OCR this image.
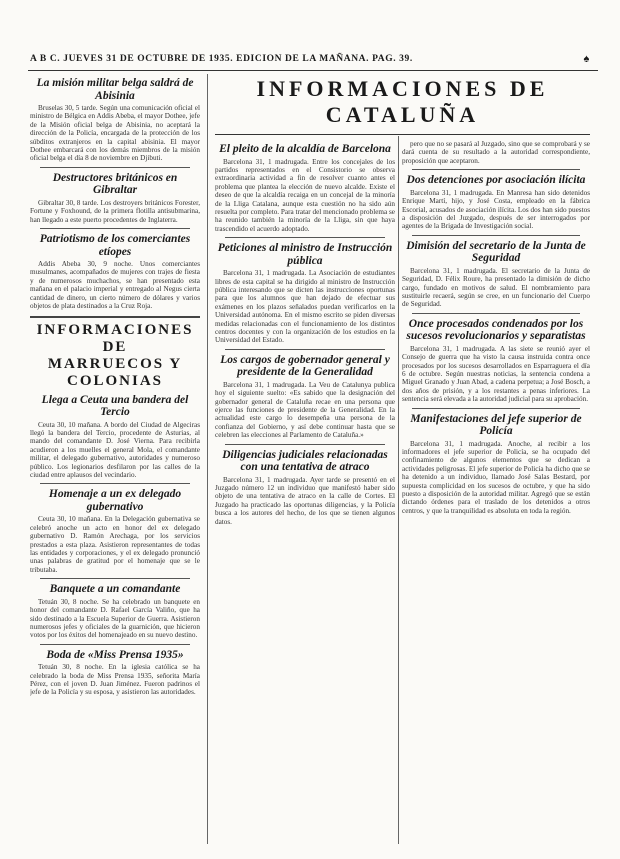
A B C. JUEVES 31 DE OCTUBRE DE 1935. EDICION DE LA MAÑANA. PAG. 39.	♠
INFORMACIONES DE
CATALUÑA
La misión militar belga saldrá de Abisinia

Bruselas 30, 5 tarde. Según una comunicación oficial el ministro de Bélgica en Addis Abeba, el mayor Dothee, jefe de la Misión oficial belga de Abisinia, no aceptará la dirección de la Policía, encargada de la protección de los súbditos extranjeros en la capital abisinia. El mayor Dothee embarcará con los demás miembros de la misión oficial belga el día 8 de noviembre en Djibuti.

Destructores británicos en Gibraltar

Gibraltar 30, 8 tarde. Los destroyers británicos Forester, Fortune y Foxhound, de la primera flotilla antisubmarina, han llegado a este puerto procedentes de Inglaterra.

Patriotismo de los comerciantes etíopes

Addis Abeba 30, 9 noche. Unos comerciantes musulmanes, acompañados de mujeres con trajes de fiesta y de numerosos muchachos, se han presentado esta mañana en el palacio imperial y entregado al Negus cierta cantidad de dinero, un cierto número de dólares y varios objetos de plata destinados a la Cruz Roja.

INFORMACIONES DE
MARRUECOS Y
COLONIAS
Llega a Ceuta una bandera del Tercio

Ceuta 30, 10 mañana. A bordo del Ciudad de Algeciras llegó la bandera del Tercio, procedente de Asturias, al mando del comandante D. José Vierna. Para recibirla acudieron a los muelles el general Mola, el comandante militar, el delegado gubernativo, autoridades y numeroso público. Los legionarios desfilaron por las calles de la ciudad entre aplausos del vecindario.

Homenaje a un ex delegado gubernativo

Ceuta 30, 10 mañana. En la Delegación gubernativa se celebró anoche un acto en honor del ex delegado gubernativo D. Ramón Arechaga, por los servicios prestados a esta plaza. Asistieron representantes de todas las entidades y corporaciones, y el ex delegado pronunció unas palabras de gratitud por el homenaje que se le tributaba.

Banquete a un comandante

Tetuán 30, 8 noche. Se ha celebrado un banquete en honor del comandante D. Rafael García Valiño, que ha sido destinado a la Escuela Superior de Guerra. Asistieron numerosos jefes y oficiales de la guarnición, que hicieron votos por los éxitos del homenajeado en su nuevo destino.

Boda de «Miss Prensa 1935»

Tetuán 30, 8 noche. En la iglesia católica se ha celebrado la boda de Miss Prensa 1935, señorita María Pérez, con el joven D. Juan Jiménez. Fueron padrinos el jefe de la Policía y su esposa, y asistieron las autoridades.

El pleito de la alcaldía de Barcelona

Barcelona 31, 1 madrugada. Entre los concejales de los partidos representados en el Consistorio se observa extraordinaria actividad a fin de resolver cuanto antes el problema que plantea la elección de nuevo alcalde. Existe el deseo de que la alcaldía recaiga en un concejal de la minoría de la Lliga Catalana, aunque esta cuestión no ha sido aún resuelta por completo. Para tratar del mencionado problema se ha reunido también la minoría de la Lliga, sin que haya trascendido el acuerdo adoptado.

Peticiones al ministro de Instrucción pública

Barcelona 31, 1 madrugada. La Asociación de estudiantes libres de esta capital se ha dirigido al ministro de Instrucción pública interesando que se dicten las instrucciones oportunas para que los alumnos que han dejado de efectuar sus exámenes en los plazos señalados puedan verificarlos en la Universidad autónoma. En el mismo escrito se piden diversas medidas relacionadas con el funcionamiento de los distintos centros docentes y con la organización de los estudios en la Universidad del Estado.

Los cargos de gobernador general y presidente de la Generalidad

Barcelona 31, 1 madrugada. La Veu de Catalunya publica hoy el siguiente suelto: «Es sabido que la designación del gobernador general de Cataluña recae en una persona que ejerce las funciones de presidente de la Generalidad. En la actualidad este cargo lo desempeña una persona de la confianza del Gobierno, y así debe continuar hasta que se celebren las elecciones al Parlamento de Cataluña.»

Diligencias judiciales relacionadas con una tentativa de atraco

Barcelona 31, 1 madrugada. Ayer tarde se presentó en el Juzgado número 12 un individuo que manifestó haber sido objeto de una tentativa de atraco en la calle de Cortes. El Juzgado ha practicado las oportunas diligencias, y la Policía busca a los autores del hecho, de los que se tienen algunos datos.

pero que no se pasará al Juzgado, sino que se comprobará y se dará cuenta de su resultado a la autoridad correspondiente, proposición que aceptaron.

Dos detenciones por asociación ilícita

Barcelona 31, 1 madrugada. En Manresa han sido detenidos Enrique Martí, hijo, y José Costa, empleado en la fábrica Escorial, acusados de asociación ilícita. Los dos han sido puestos a disposición del Juzgado, después de ser interrogados por agentes de la Brigada de Investigación social.

Dimisión del secretario de la Junta de Seguridad

Barcelona 31, 1 madrugada. El secretario de la Junta de Seguridad, D. Félix Roure, ha presentado la dimisión de dicho cargo, fundado en motivos de salud. El nombramiento para sustituirle recaerá, según se cree, en un funcionario del Cuerpo de Seguridad.

Once procesados condenados por los sucesos revolucionarios y separatistas

Barcelona 31, 1 madrugada. A las siete se reunió ayer el Consejo de guerra que ha visto la causa instruida contra once procesados por los sucesos desarrollados en Esparraguera el día 6 de octubre. Según nuestras noticias, la sentencia condena a Miguel Granado y Juan Abad, a cadena perpetua; a José Bosch, a dos años de prisión, y a los restantes a penas inferiores. La sentencia será elevada a la autoridad judicial para su aprobación.

Manifestaciones del jefe superior de Policía

Barcelona 31, 1 madrugada. Anoche, al recibir a los informadores el jefe superior de Policía, se ha ocupado del confinamiento de algunos elementos que se dedican a actividades peligrosas. El jefe superior de Policía ha dicho que se ha detenido a un individuo, llamado José Salas Bestard, por supuesta complicidad en los sucesos de octubre, y que ha sido puesto a disposición de la autoridad militar. Agregó que se están dictando órdenes para el traslado de los detenidos a otros centros, y que la tranquilidad es absoluta en toda la región.
